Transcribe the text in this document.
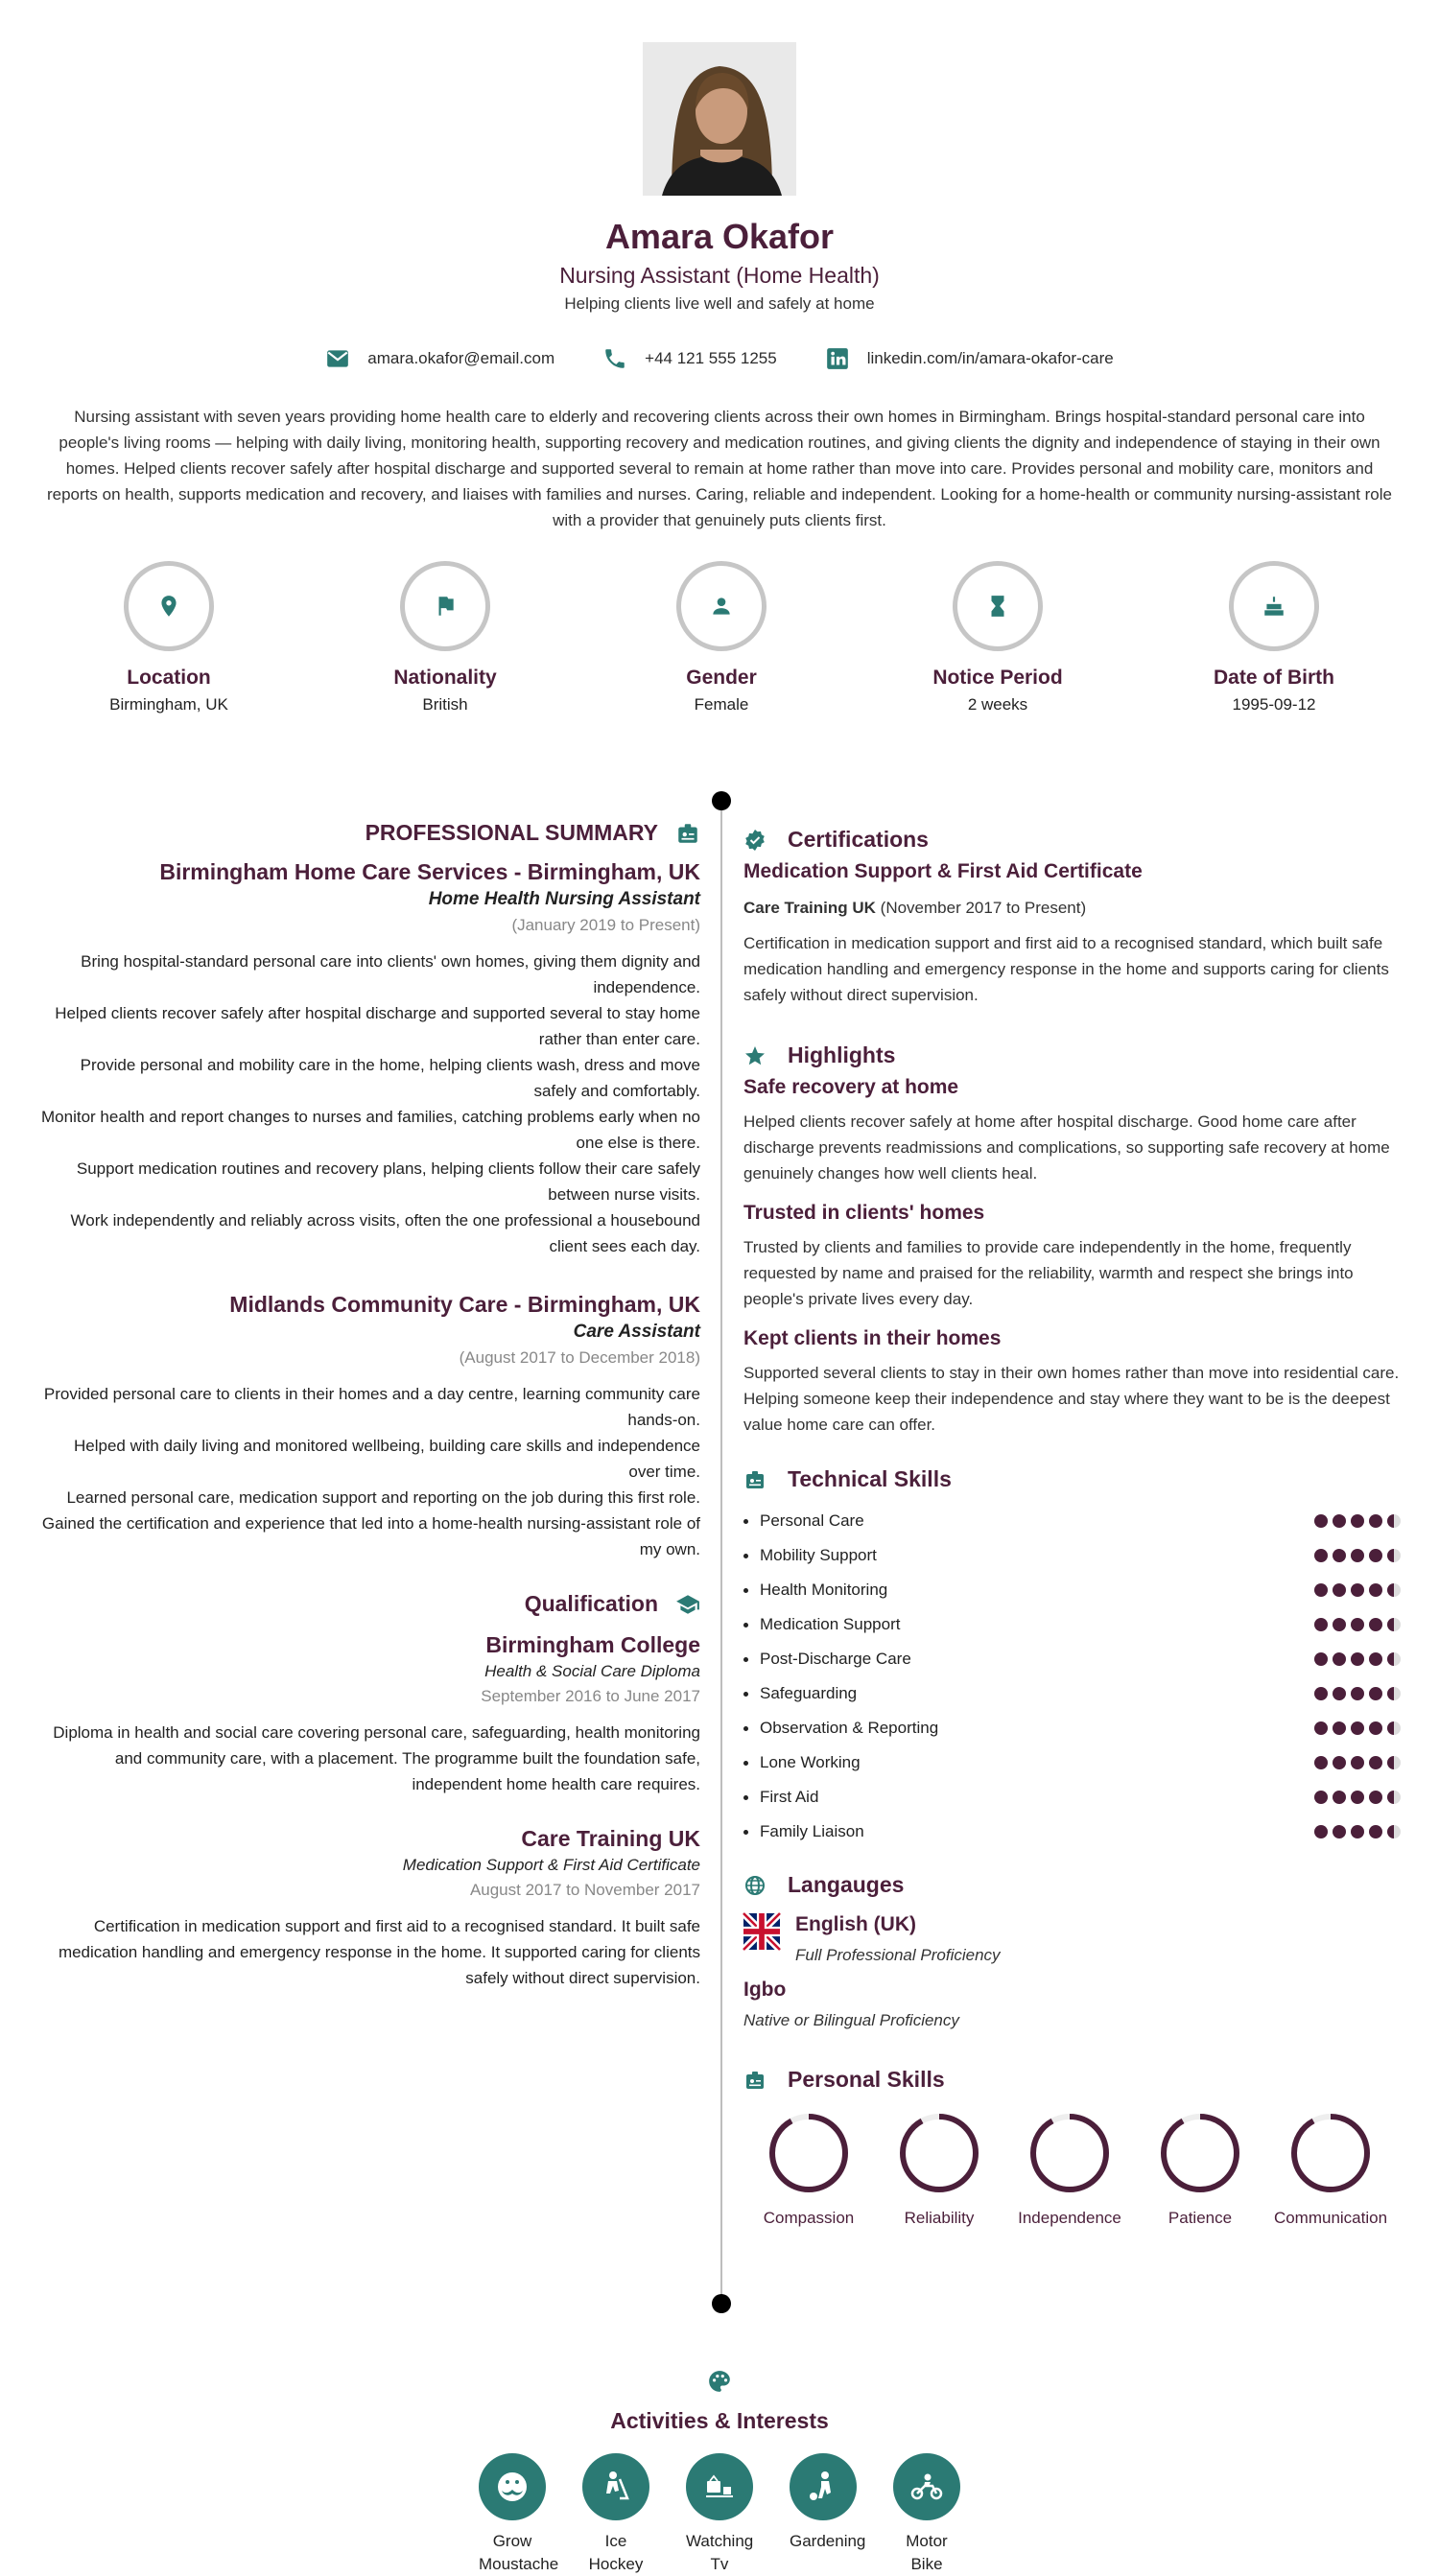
Amara Okafor
Nursing Assistant (Home Health)
Helping clients live well and safely at home
amara.okafor@email.com	+44 121 555 1255	linkedin.com/in/amara-okafor-care
Nursing assistant with seven years providing home health care to elderly and recovering clients across their own homes in Birmingham. Brings hospital-standard personal care into people's living rooms — helping with daily living, monitoring health, supporting recovery and medication routines, and giving clients the dignity and independence of staying in their own homes. Helped clients recover safely after hospital discharge and supported several to remain at home rather than move into care. Provides personal and mobility care, monitors and reports on health, supports medication and recovery, and liaises with families and nurses. Caring, reliable and independent. Looking for a home-health or community nursing-assistant role with a provider that genuinely puts clients first.
Location
Birmingham, UK
Nationality
British
Gender
Female
Notice Period
2 weeks
Date of Birth
1995-09-12
PROFESSIONAL SUMMARY
Birmingham Home Care Services - Birmingham, UK
Home Health Nursing Assistant
(January 2019 to Present)
Bring hospital-standard personal care into clients' own homes, giving them dignity and independence.
Helped clients recover safely after hospital discharge and supported several to stay home rather than enter care.
Provide personal and mobility care in the home, helping clients wash, dress and move safely and comfortably.
Monitor health and report changes to nurses and families, catching problems early when no one else is there.
Support medication routines and recovery plans, helping clients follow their care safely between nurse visits.
Work independently and reliably across visits, often the one professional a housebound client sees each day.
Midlands Community Care - Birmingham, UK
Care Assistant
(August 2017 to December 2018)
Provided personal care to clients in their homes and a day centre, learning community care hands-on.
Helped with daily living and monitored wellbeing, building care skills and independence over time.
Learned personal care, medication support and reporting on the job during this first role.
Gained the certification and experience that led into a home-health nursing-assistant role of my own.
Qualification
Birmingham College
Health & Social Care Diploma
September 2016 to June 2017
Diploma in health and social care covering personal care, safeguarding, health monitoring and community care, with a placement. The programme built the foundation safe, independent home health care requires.
Care Training UK
Medication Support & First Aid Certificate
August 2017 to November 2017
Certification in medication support and first aid to a recognised standard. It built safe medication handling and emergency response in the home. It supported caring for clients safely without direct supervision.
Certifications
Medication Support & First Aid Certificate
Care Training UK (November 2017 to Present)
Certification in medication support and first aid to a recognised standard, which built safe medication handling and emergency response in the home and supports caring for clients safely without direct supervision.
Highlights
Safe recovery at home
Helped clients recover safely at home after hospital discharge. Good home care after discharge prevents readmissions and complications, so supporting safe recovery at home genuinely changes how well clients heal.
Trusted in clients' homes
Trusted by clients and families to provide care independently in the home, frequently requested by name and praised for the reliability, warmth and respect she brings into people's private lives every day.
Kept clients in their homes
Supported several clients to stay in their own homes rather than move into residential care. Helping someone keep their independence and stay where they want to be is the deepest value home care can offer.
Technical Skills
Personal Care
Mobility Support
Health Monitoring
Medication Support
Post-Discharge Care
Safeguarding
Observation & Reporting
Lone Working
First Aid
Family Liaison
Langauges
English (UK)
Full Professional Proficiency
Igbo
Native or Bilingual Proficiency
Personal Skills
Compassion	Reliability	Independence	Patience	Communication
Activities & Interests
Grow
Moustache
Ice
Hockey
Watching
Tv
Gardening	Motor
Bike
